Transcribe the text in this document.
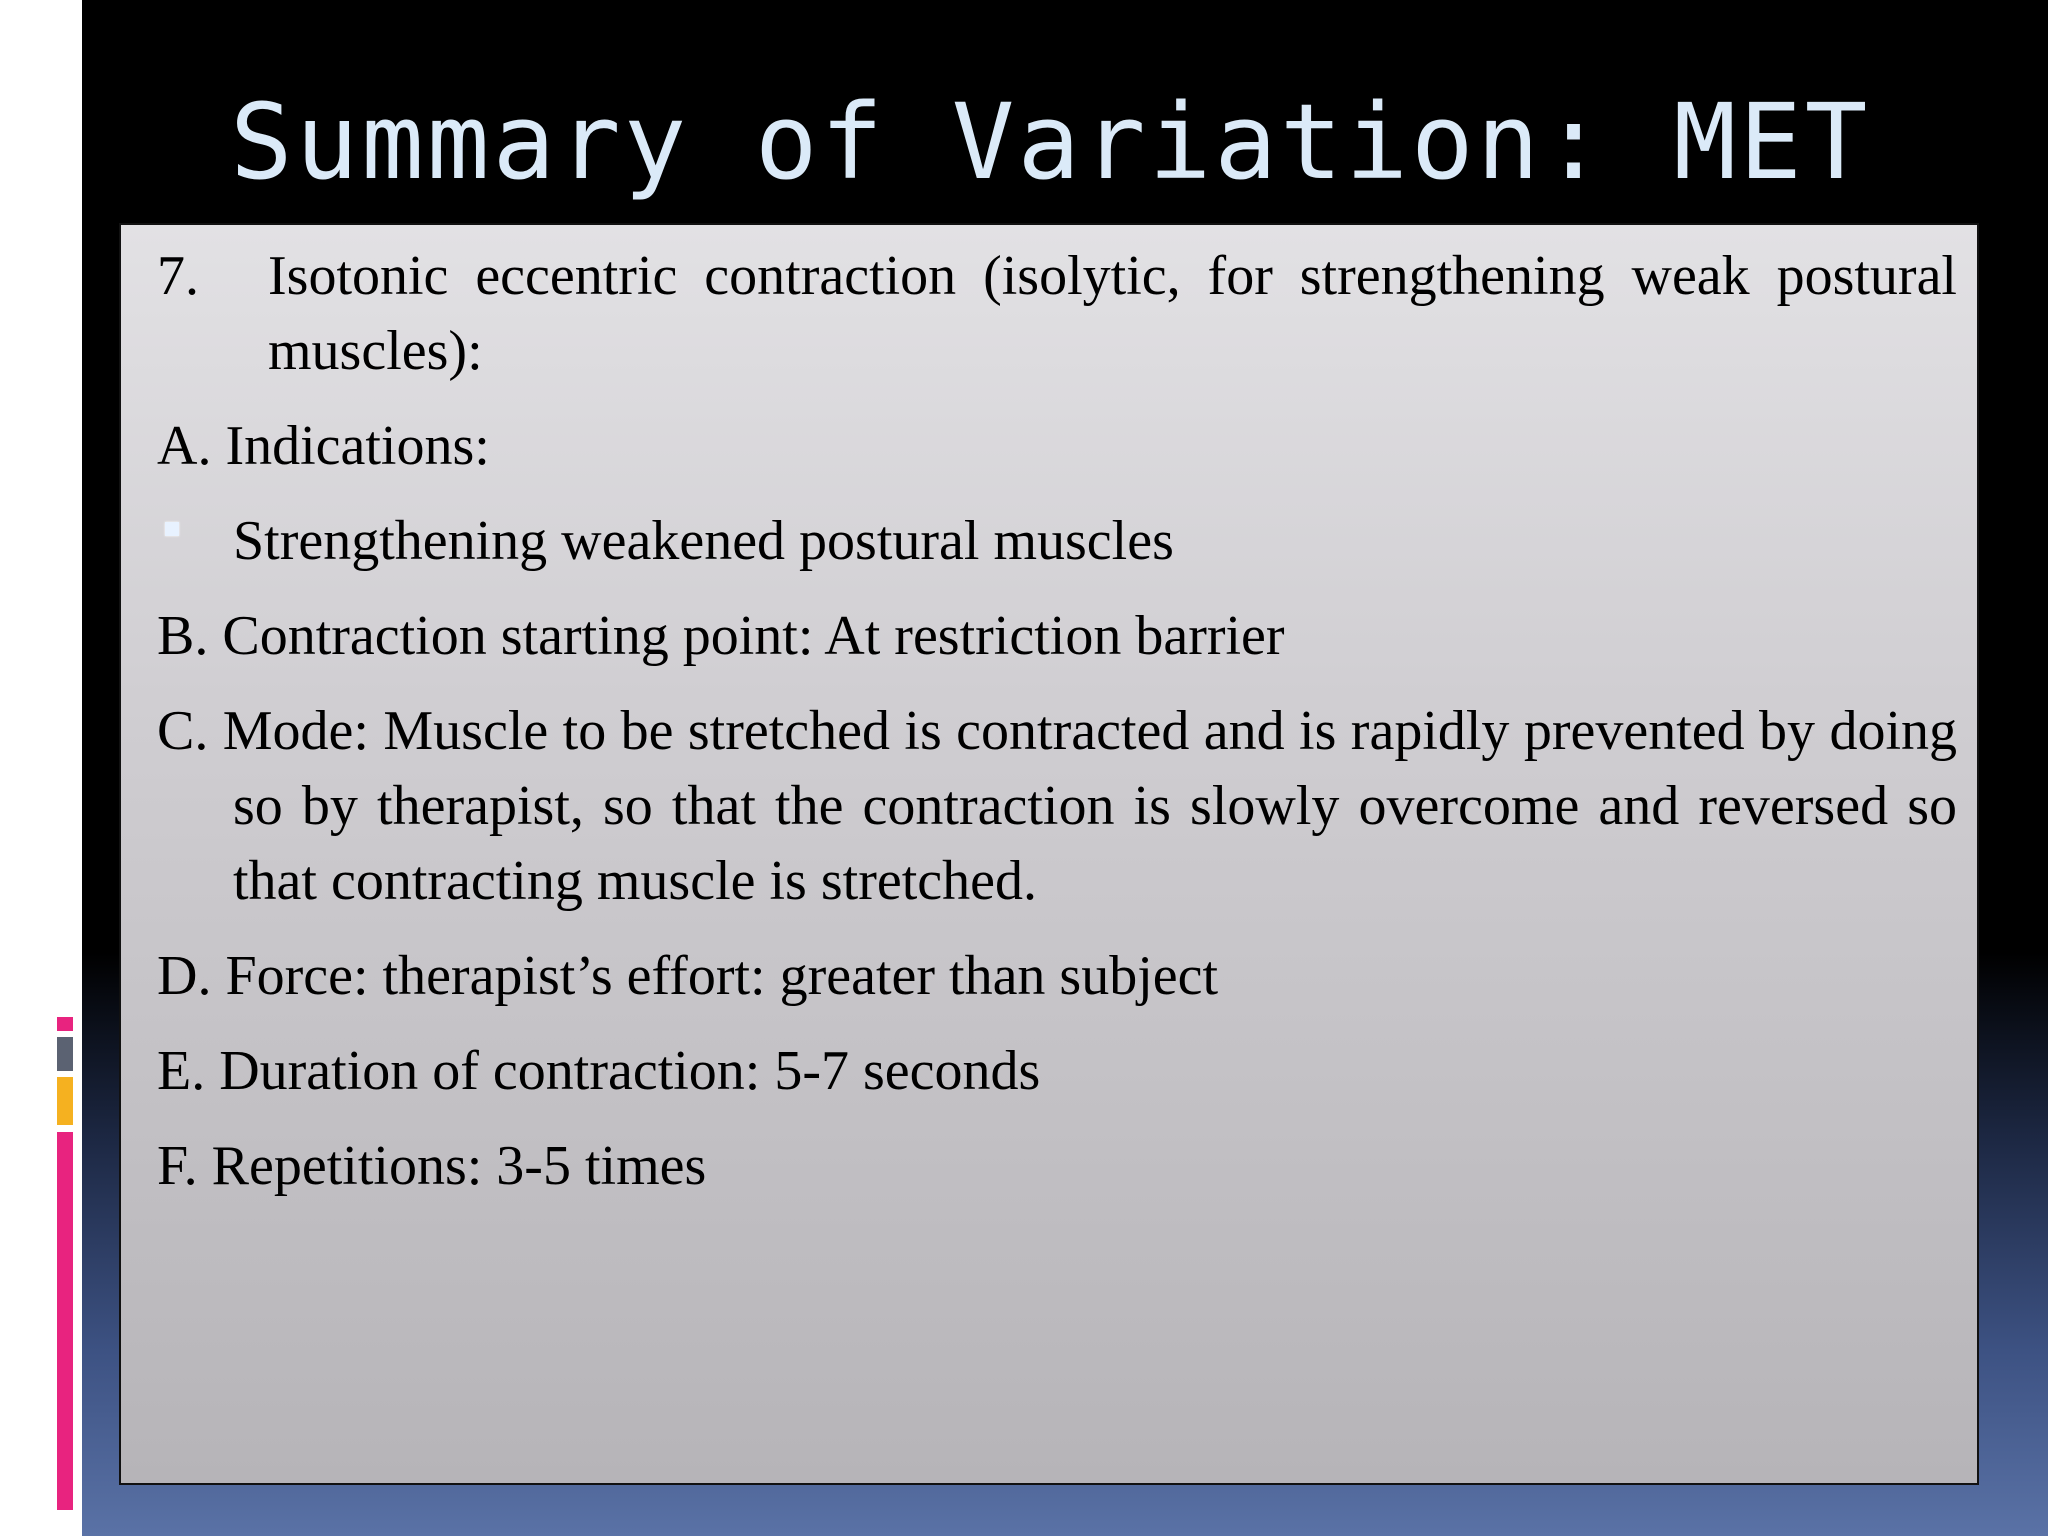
Summary of Variation: MET

7. Isotonic eccentric contraction (isolytic, for strengthening weak postural muscles):

A. Indications:

Strengthening weakened postural muscles

B. Contraction starting point: At restriction barrier

C. Mode: Muscle to be stretched is contracted and is rapidly prevented by doing so by therapist, so that the contraction is slowly overcome and reversed so that contracting muscle is stretched.

D. Force: therapist’s effort: greater than subject

E. Duration of contraction: 5-7 seconds

F. Repetitions: 3-5 times
